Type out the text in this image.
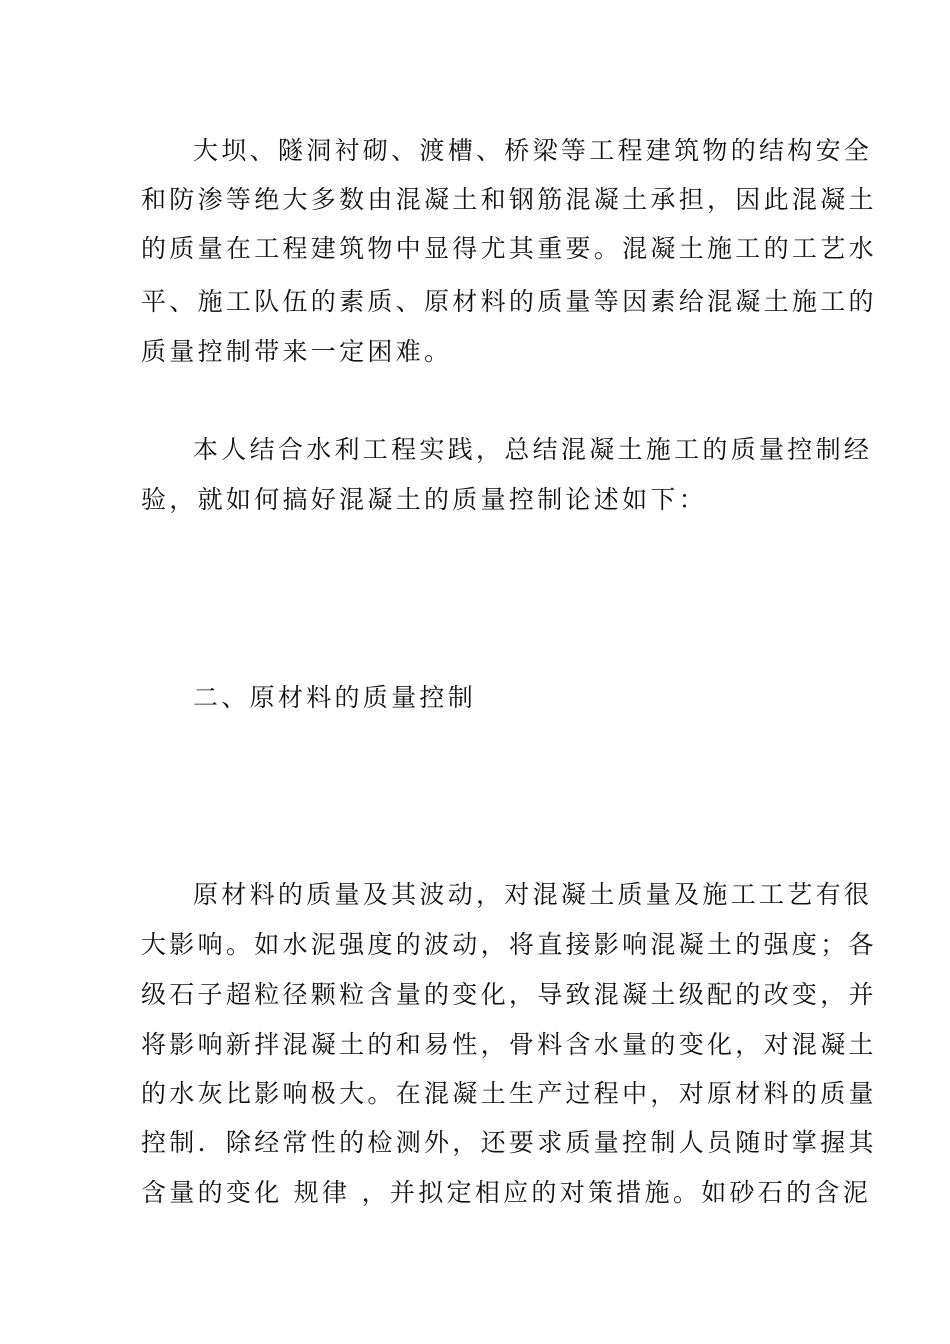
大坝、隧洞衬砌、渡槽、桥梁等工程建筑物的结构安全
和防渗等绝大多数由混凝土和钢筋混凝土承担，因此混凝土
的质量在工程建筑物中显得尤其重要。混凝土施工的工艺水
平、施工队伍的素质、原材料的质量等因素给混凝土施工的
质量控制带来一定困难。
本人结合水利工程实践，总结混凝土施工的质量控制经
验，就如何搞好混凝土的质量控制论述如下：
二、原材料的质量控制
原材料的质量及其波动，对混凝土质量及施工工艺有很
大影响。如水泥强度的波动，将直接影响混凝土的强度；各
级石子超粒径颗粒含量的变化，导致混凝土级配的改变，并
将影响新拌混凝土的和易性，骨料含水量的变化，对混凝土
的水灰比影响极大。在混凝土生产过程中，对原材料的质量
控制．除经常性的检测外，还要求质量控制人员随时掌握其
含量的变化 规律 ，并拟定相应的对策措施。如砂石的含泥
